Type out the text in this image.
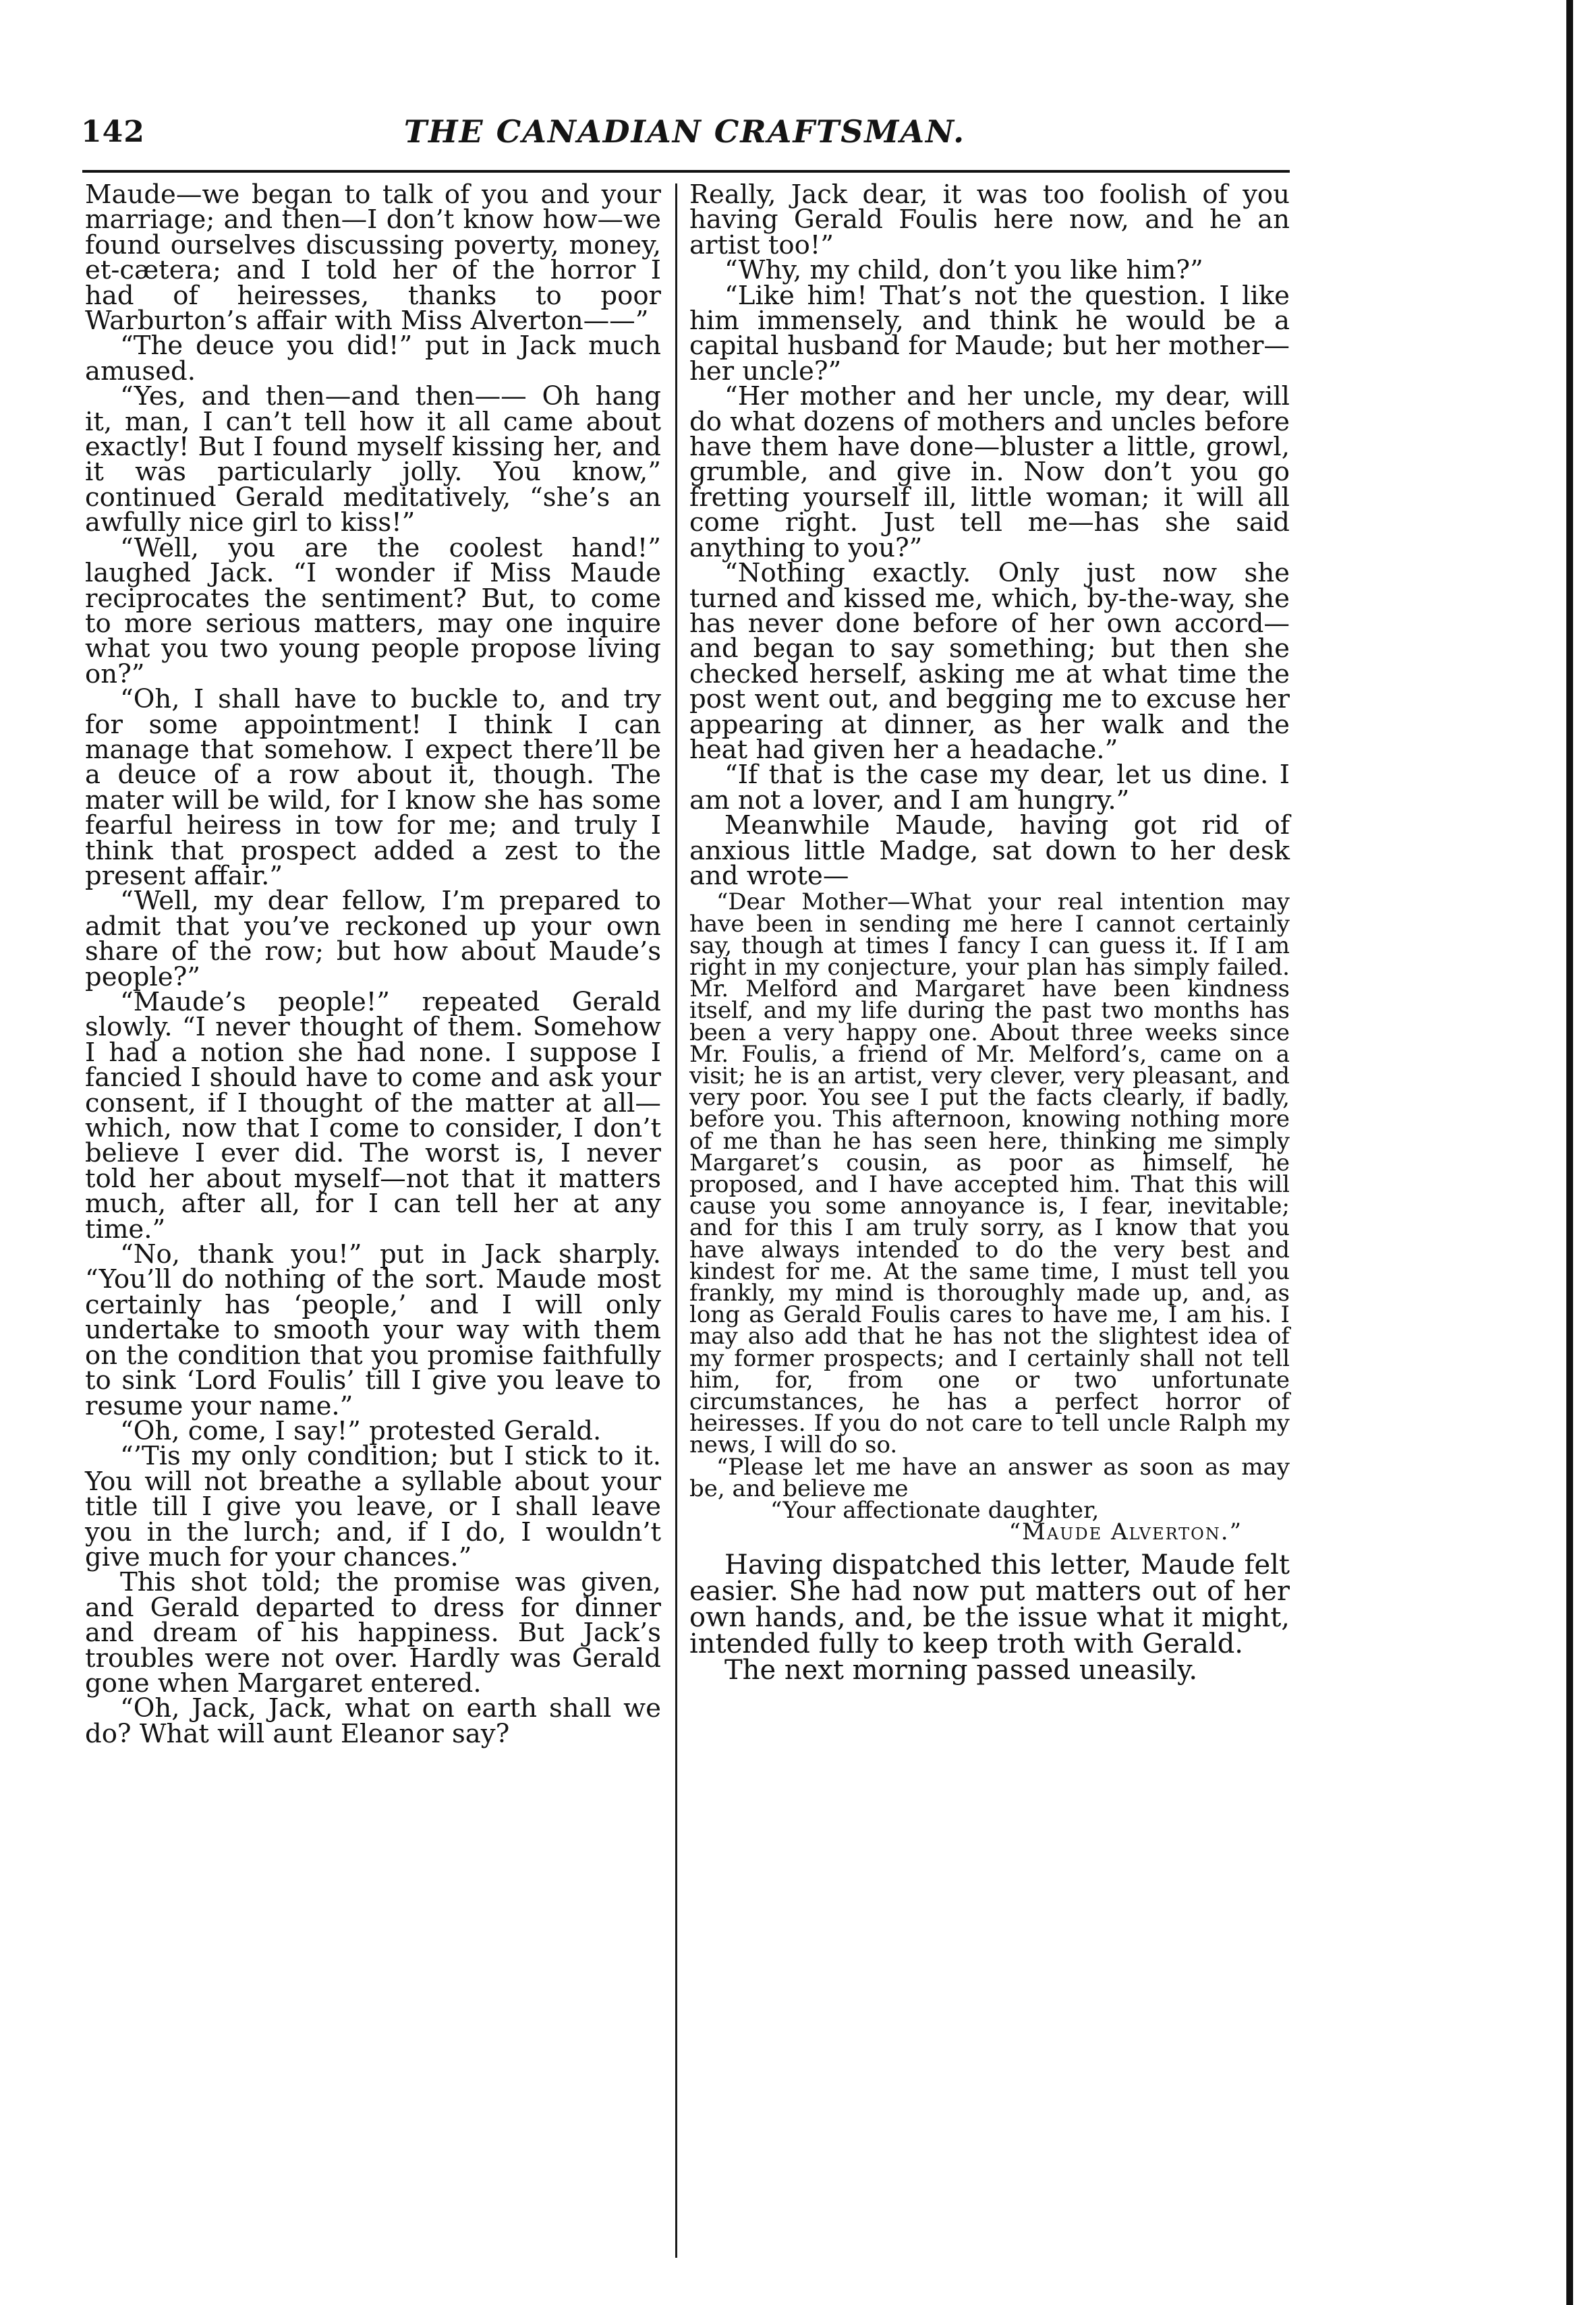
142	THE CANADIAN CRAFTSMAN.

Maude—we began to talk of you and your marriage; and then—I don’t know how—we found ourselves discussing poverty, money, et-cætera; and I told her of the horror I had of heiresses, thanks to poor Warburton’s affair with Miss Alverton——”

“The deuce you did!” put in Jack much amused.

“Yes, and then—and then—— Oh hang it, man, I can’t tell how it all came about exactly! But I found myself kissing her, and it was particularly jolly. You know,” continued Gerald meditatively, “she’s an awfully nice girl to kiss!”

“Well, you are the coolest hand!” laughed Jack. “I wonder if Miss Maude reciprocates the sentiment? But, to come to more serious matters, may one inquire what you two young people propose living on?”

“Oh, I shall have to buckle to, and try for some appointment! I think I can manage that somehow. I expect there’ll be a deuce of a row about it, though. The mater will be wild, for I know she has some fearful heiress in tow for me; and truly I think that prospect added a zest to the present affair.”

“Well, my dear fellow, I’m prepared to admit that you’ve reckoned up your own share of the row; but how about Maude’s people?”

“Maude’s people!” repeated Gerald slowly. “I never thought of them. Somehow I had a notion she had none. I suppose I fancied I should have to come and ask your consent, if I thought of the matter at all—which, now that I come to consider, I don’t believe I ever did. The worst is, I never told her about myself—not that it matters much, after all, for I can tell her at any time.”

“No, thank you!” put in Jack sharply. “You’ll do nothing of the sort. Maude most certainly has ‘people,’ and I will only undertake to smooth your way with them on the condition that you promise faithfully to sink ‘Lord Foulis’ till I give you leave to resume your name.”

“Oh, come, I say!” protested Gerald.

“’Tis my only condition; but I stick to it. You will not breathe a syllable about your title till I give you leave, or I shall leave you in the lurch; and, if I do, I wouldn’t give much for your chances.”

This shot told; the promise was given, and Gerald departed to dress for dinner and dream of his happiness. But Jack’s troubles were not over. Hardly was Gerald gone when Margaret entered.

“Oh, Jack, Jack, what on earth shall we do? What will aunt Eleanor say?

Really, Jack dear, it was too foolish of you having Gerald Foulis here now, and he an artist too!”

“Why, my child, don’t you like him?”

“Like him! That’s not the question. I like him immensely, and think he would be a capital husband for Maude; but her mother—her uncle?”

“Her mother and her uncle, my dear, will do what dozens of mothers and uncles before have them have done—bluster a little, growl, grumble, and give in. Now don’t you go fretting yourself ill, little woman; it will all come right. Just tell me—has she said anything to you?”

“Nothing exactly. Only just now she turned and kissed me, which, by-the-way, she has never done before of her own accord—and began to say something; but then she checked herself, asking me at what time the post went out, and begging me to excuse her appearing at dinner, as her walk and the heat had given her a headache.”

“If that is the case my dear, let us dine. I am not a lover, and I am hungry.”

Meanwhile Maude, having got rid of anxious little Madge, sat down to her desk and wrote—

“Dear Mother—What your real intention may have been in sending me here I cannot certainly say, though at times I fancy I can guess it. If I am right in my conjecture, your plan has simply failed. Mr. Melford and Margaret have been kindness itself, and my life during the past two months has been a very happy one. About three weeks since Mr. Foulis, a friend of Mr. Melford’s, came on a visit; he is an artist, very clever, very pleasant, and very poor. You see I put the facts clearly, if badly, before you. This afternoon, knowing nothing more of me than he has seen here, thinking me simply Margaret’s cousin, as poor as himself, he proposed, and I have accepted him. That this will cause you some annoyance is, I fear, inevitable; and for this I am truly sorry, as I know that you have always intended to do the very best and kindest for me. At the same time, I must tell you frankly, my mind is thoroughly made up, and, as long as Gerald Foulis cares to have me, I am his. I may also add that he has not the slightest idea of my former prospects; and I certainly shall not tell him, for, from one or two unfortunate circumstances, he has a perfect horror of heiresses. If you do not care to tell uncle Ralph my news, I will do so.

“Please let me have an answer as soon as may be, and believe me

“Your affectionate daughter,

“Maude Alverton.”

Having dispatched this letter, Maude felt easier. She had now put matters out of her own hands, and, be the issue what it might, intended fully to keep troth with Gerald.

The next morning passed uneasily.
